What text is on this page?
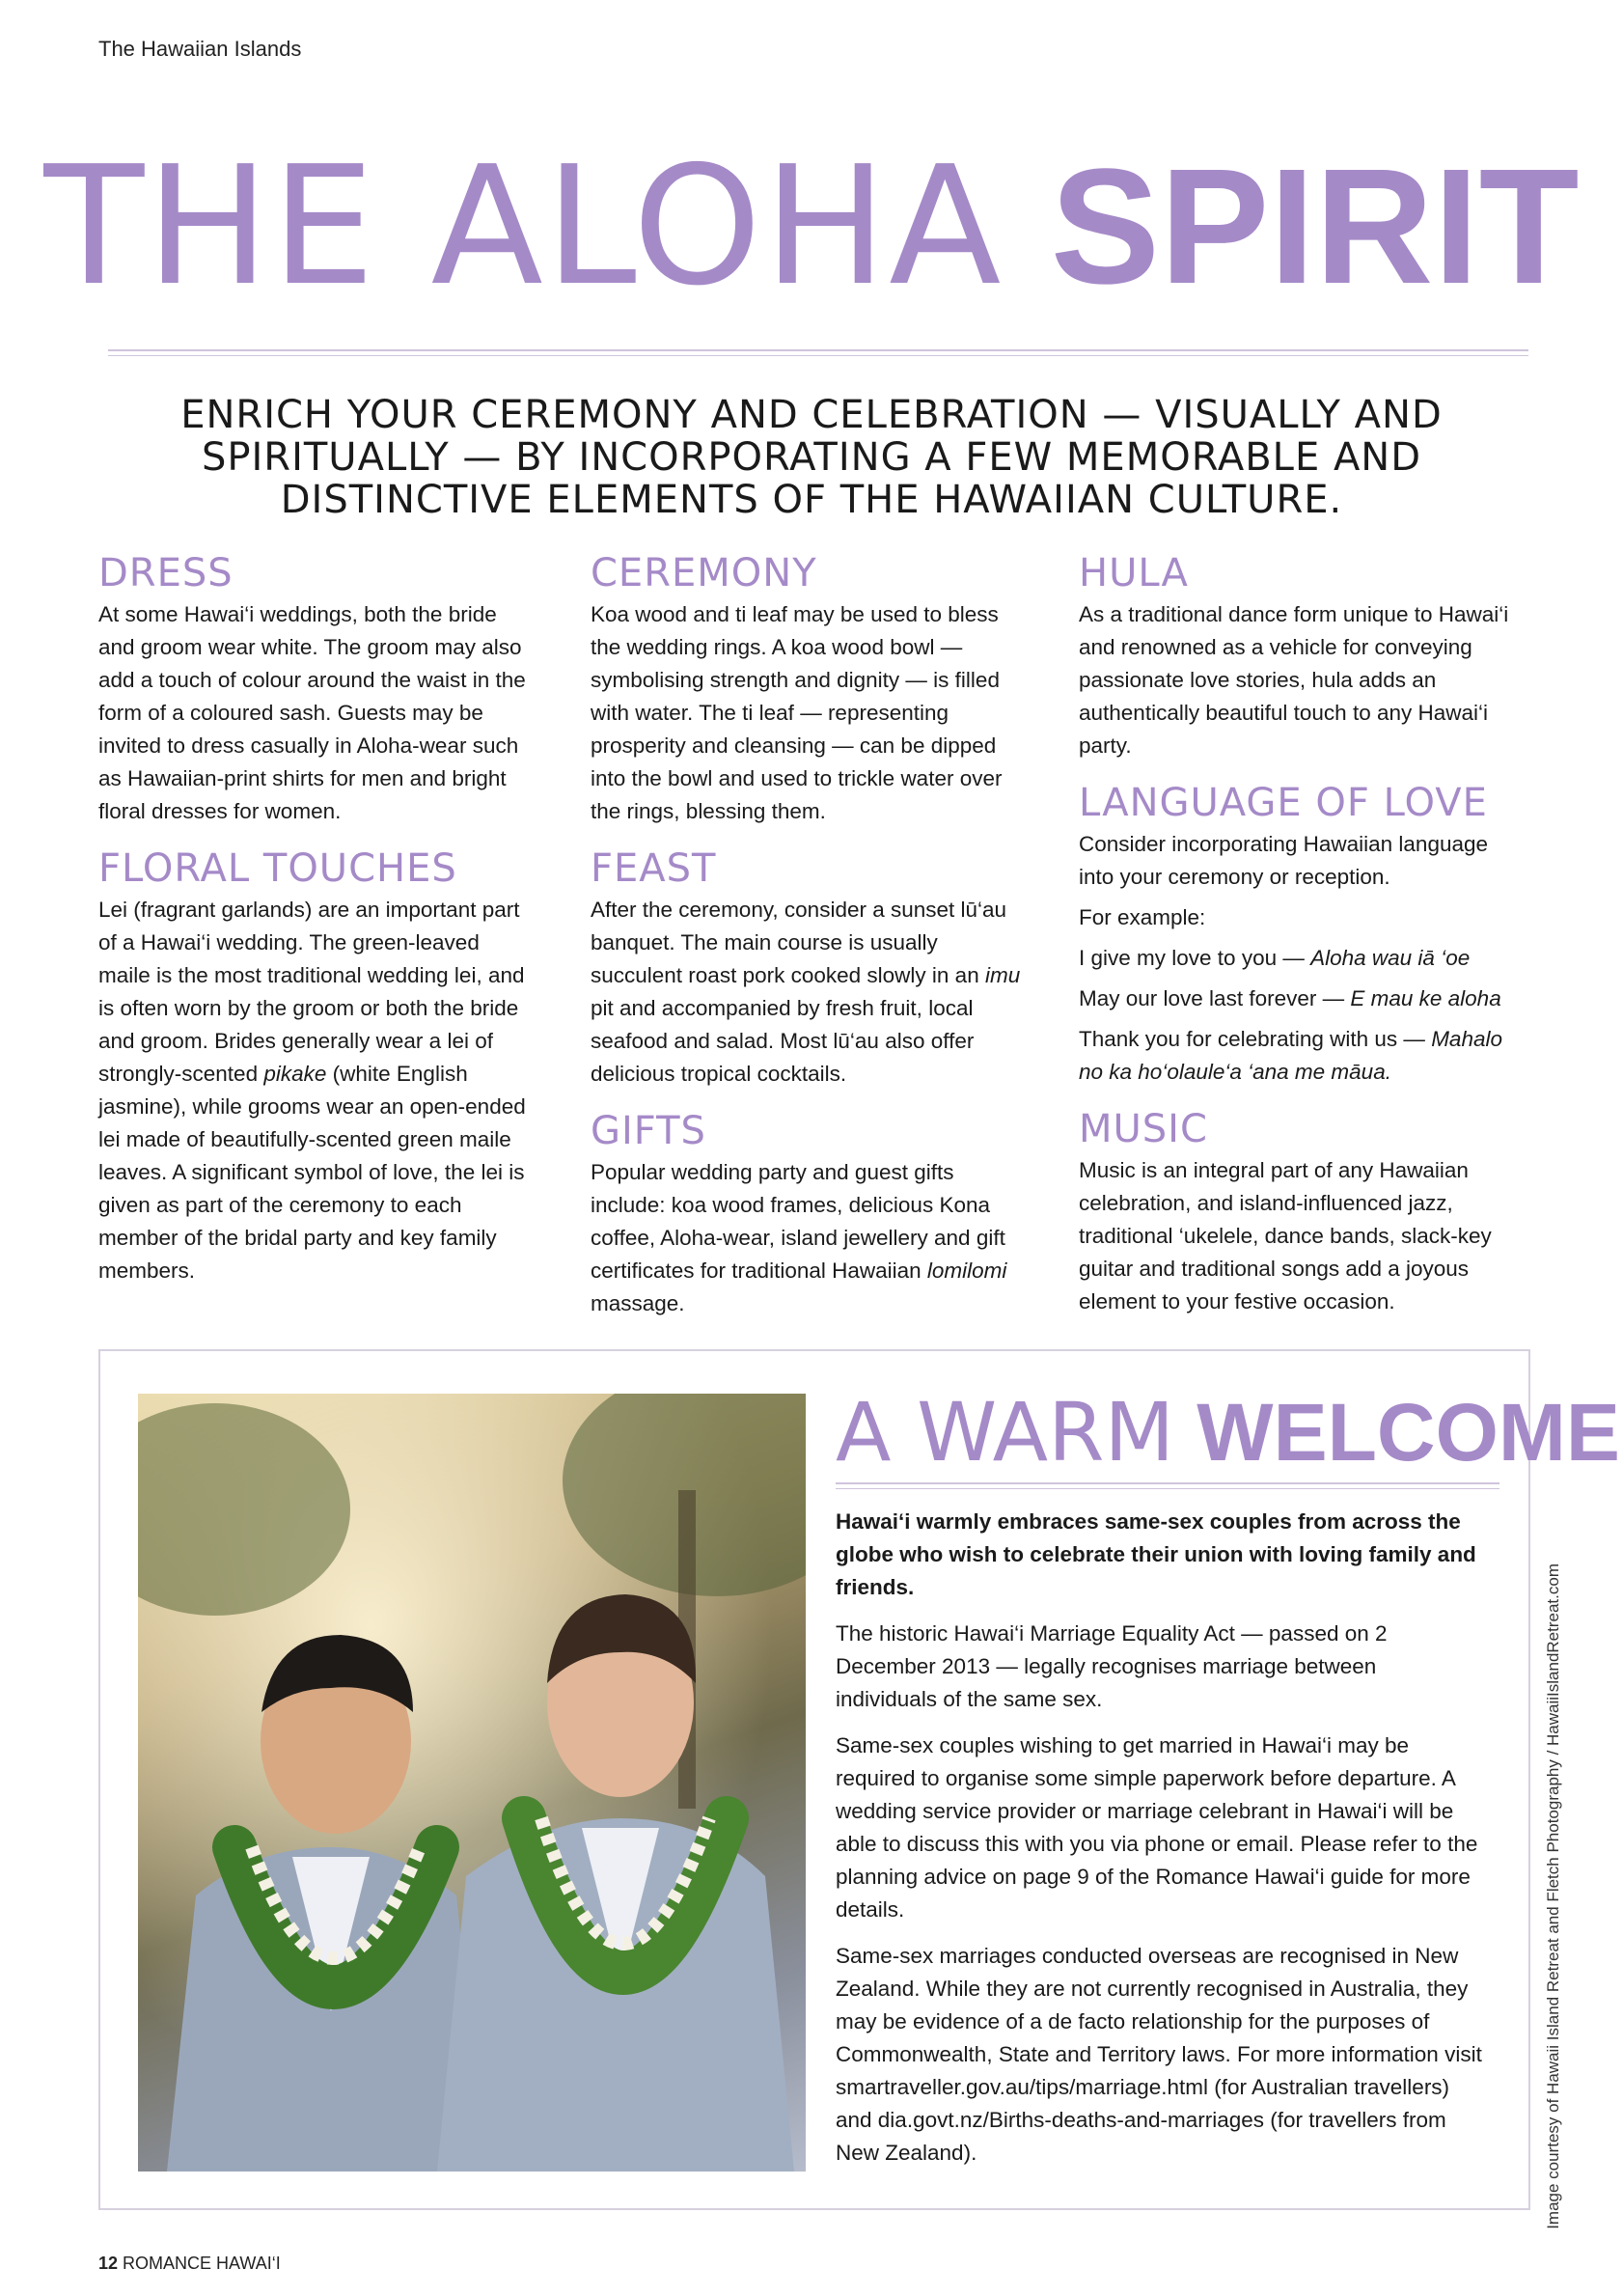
The Hawaiian Islands
THE ALOHA SPIRIT
ENRICH YOUR CEREMONY AND CELEBRATION — VISUALLY AND SPIRITUALLY — BY INCORPORATING A FEW MEMORABLE AND DISTINCTIVE ELEMENTS OF THE HAWAIIAN CULTURE.
DRESS

At some Hawai‘i weddings, both the bride and groom wear white. The groom may also add a touch of colour around the waist in the form of a coloured sash. Guests may be invited to dress casually in Aloha-wear such as Hawaiian-print shirts for men and bright floral dresses for women.

FLORAL TOUCHES

Lei (fragrant garlands) are an important part of a Hawai‘i wedding. The green-leaved maile is the most traditional wedding lei, and is often worn by the groom or both the bride and groom. Brides generally wear a lei of strongly-scented pikake (white English jasmine), while grooms wear an open-ended lei made of beautifully-scented green maile leaves. A significant symbol of love, the lei is given as part of the ceremony to each member of the bridal party and key family members.

CEREMONY

Koa wood and ti leaf may be used to bless the wedding rings. A koa wood bowl — symbolising strength and dignity — is filled with water. The ti leaf — representing prosperity and cleansing — can be dipped into the bowl and used to trickle water over the rings, blessing them.

FEAST

After the ceremony, consider a sunset lū‘au banquet. The main course is usually succulent roast pork cooked slowly in an imu pit and accompanied by fresh fruit, local seafood and salad. Most lū‘au also offer delicious tropical cocktails.

GIFTS

Popular wedding party and guest gifts include: koa wood frames, delicious Kona coffee, Aloha-wear, island jewellery and gift certificates for traditional Hawaiian lomilomi massage.

HULA

As a traditional dance form unique to Hawai‘i and renowned as a vehicle for conveying passionate love stories, hula adds an authentically beautiful touch to any Hawai‘i party.

LANGUAGE OF LOVE

Consider incorporating Hawaiian language into your ceremony or reception.

For example:

I give my love to you — Aloha wau iā ‘oe

May our love last forever — E mau ke aloha

Thank you for celebrating with us — Mahalo no ka ho‘olaule‘a ‘ana me māua.

MUSIC

Music is an integral part of any Hawaiian celebration, and island-influenced jazz, traditional ‘ukelele, dance bands, slack-key guitar and traditional songs add a joyous element to your festive occasion.

A WARM WELCOME

Hawai‘i warmly embraces same-sex couples from across the globe who wish to celebrate their union with loving family and friends.

The historic Hawai‘i Marriage Equality Act — passed on 2 December 2013 — legally recognises marriage between individuals of the same sex.

Same-sex couples wishing to get married in Hawai‘i may be required to organise some simple paperwork before departure. A wedding service provider or marriage celebrant in Hawai‘i will be able to discuss this with you via phone or email. Please refer to the planning advice on page 9 of the Romance Hawai‘i guide for more details.

Same-sex marriages conducted overseas are recognised in New Zealand. While they are not currently recognised in Australia, they may be evidence of a de facto relationship for the purposes of Commonwealth, State and Territory laws. For more information visit smartraveller.gov.au/tips/marriage.html (for Australian travellers) and dia.govt.nz/Births-deaths-and-marriages (for travellers from New Zealand).	Image courtesy of Hawaii Island Retreat and Fletch Photography / HawaiiIslandRetreat.com
12 ROMANCE HAWAI‘I
